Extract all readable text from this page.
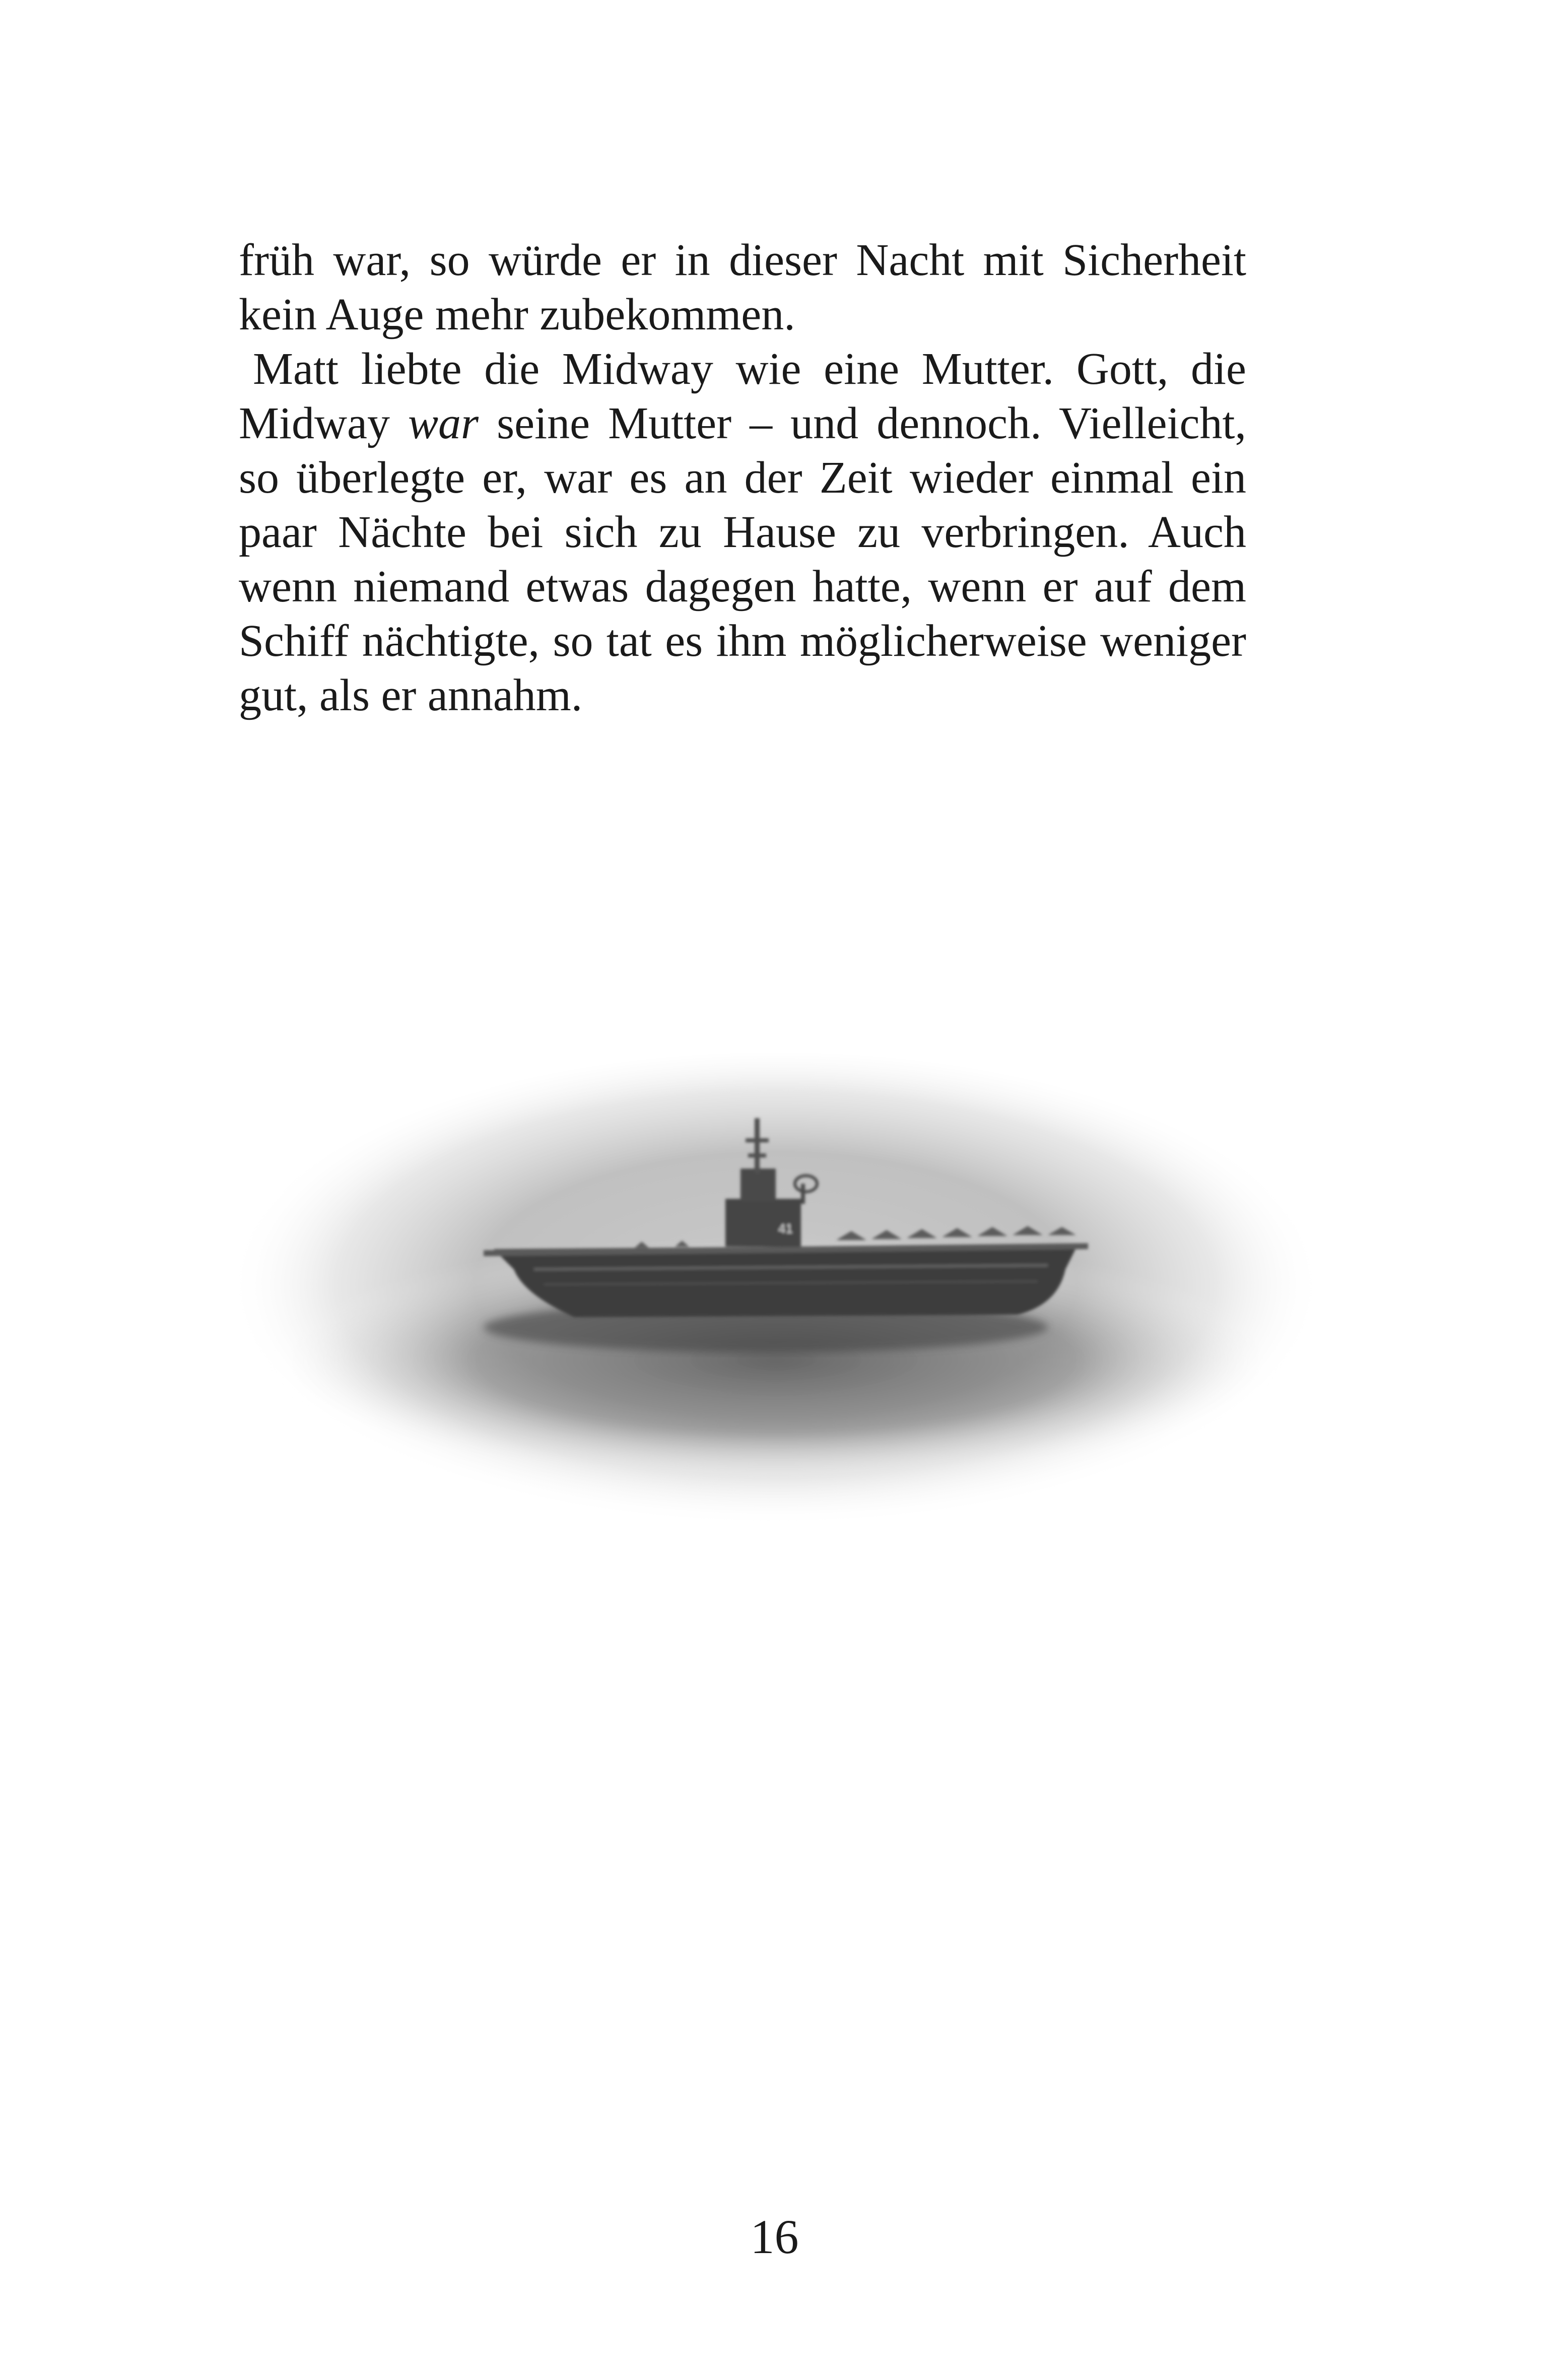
früh war, so würde er in dieser Nacht mit Sicherheit kein Auge mehr zubekommen.

Matt liebte die Midway wie eine Mutter. Gott, die Midway war seine Mutter – und dennoch. Vielleicht, so überlegte er, war es an der Zeit wieder einmal ein paar Nächte bei sich zu Hause zu verbringen. Auch wenn niemand etwas dagegen hatte, wenn er auf dem Schiff nächtigte, so tat es ihm möglicherweise weniger gut, als er annahm.

41
16
